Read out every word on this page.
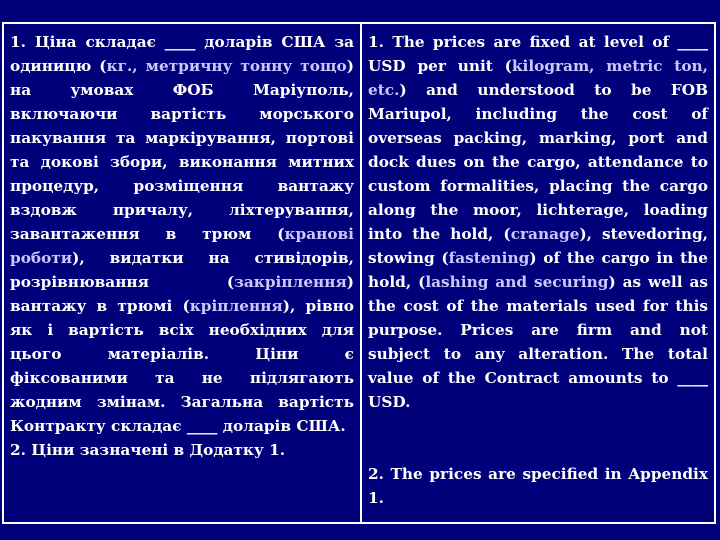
1. Ціна складає ____ доларів США за одиницю (кг., метричну тонну тощо) на умовах ФОБ Маріуполь, включаючи вартість морського пакування та маркірування, портові та докові збори, виконання митних процедур, розміщення вантажу вздовж причалу, ліхтерування, завантаження в трюм (кранові роботи), видатки на стивідорів, розрівнювання (закріплення) вантажу в трюмі (кріплення), рівно як і вартість всіх необхідних для цього матеріалів. Ціни є фіксованими та не підлягають жодним змінам. Загальна вартість Контракту складає ____ доларів США.

2. Ціни зазначені в Додатку 1.

1. The prices are fixed at level of ____ USD per unit (kilogram, metric ton, etc.) and understood to be FOB Mariupol, including the cost of overseas packing, marking, port and dock dues on the cargo, attendance to custom formalities, placing the cargo along the moor, lichterage, loading into the hold, (cranage), stevedoring, stowing (fastening) of the cargo in the hold, (lashing and securing) as well as the cost of the materials used for this purpose. Prices are firm and not subject to any alteration. The total value of the Contract amounts to ____ USD.

2. The prices are specified in Appendix 1.
